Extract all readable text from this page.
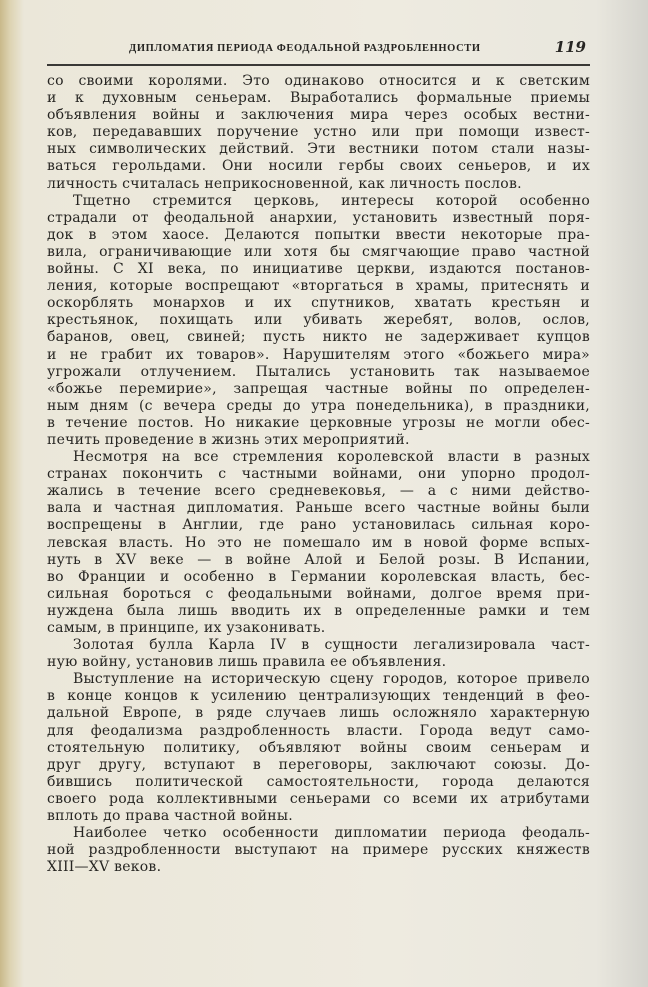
ДИПЛОМАТИЯ ПЕРИОДА ФЕОДАЛЬНОЙ РАЗДРОБЛЕННОСТИ	119
со своими королями. Это одинаково относится и к светским
и к духовным сеньерам. Выработались формальные приемы
объявления войны и заключения мира через особых вестни-
ков, передававших поручение устно или при помощи извест-
ных символических действий. Эти вестники потом стали назы-
ваться герольдами. Они носили гербы своих сеньеров, и их
личность считалась неприкосновенной, как личность послов.
Тщетно стремится церковь, интересы которой особенно
страдали от феодальной анархии, установить известный поря-
док в этом хаосе. Делаются попытки ввести некоторые пра-
вила, ограничивающие или хотя бы смягчающие право частной
войны. С XI века, по инициативе церкви, издаются постанов-
ления, которые воспрещают «вторгаться в храмы, притеснять и
оскорблять монархов и их спутников, хватать крестьян и
крестьянок, похищать или убивать жеребят, волов, ослов,
баранов, овец, свиней; пусть никто не задерживает купцов
и не грабит их товаров». Нарушителям этого «божьего мира»
угрожали отлучением. Пытались установить так называемое
«божье перемирие», запрещая частные войны по определен-
ным дням (с вечера среды до утра понедельника), в праздники,
в течение постов. Но никакие церковные угрозы не могли обес-
печить проведение в жизнь этих мероприятий.
Несмотря на все стремления королевской власти в разных
странах покончить с частными войнами, они упорно продол-
жались в течение всего средневековья, — а с ними действо-
вала и частная дипломатия. Раньше всего частные войны были
воспрещены в Англии, где рано установилась сильная коро-
левская власть. Но это не помешало им в новой форме вспых-
нуть в XV веке — в войне Алой и Белой розы. В Испании,
во Франции и особенно в Германии королевская власть, бес-
сильная бороться с феодальными войнами, долгое время при-
нуждена была лишь вводить их в определенные рамки и тем
самым, в принципе, их узаконивать.
Золотая булла Карла IV в сущности легализировала част-
ную войну, установив лишь правила ее объявления.
Выступление на историческую сцену городов, которое привело
в конце концов к усилению централизующих тенденций в фео-
дальной Европе, в ряде случаев лишь осложняло характерную
для феодализма раздробленность власти. Города ведут само-
стоятельную политику, объявляют войны своим сеньерам и
друг другу, вступают в переговоры, заключают союзы. До-
бившись политической самостоятельности, города делаются
своего рода коллективными сеньерами со всеми их атрибутами
вплоть до права частной войны.
Наиболее четко особенности дипломатии периода феодаль-
ной раздробленности выступают на примере русских княжеств
XIII—XV веков.
